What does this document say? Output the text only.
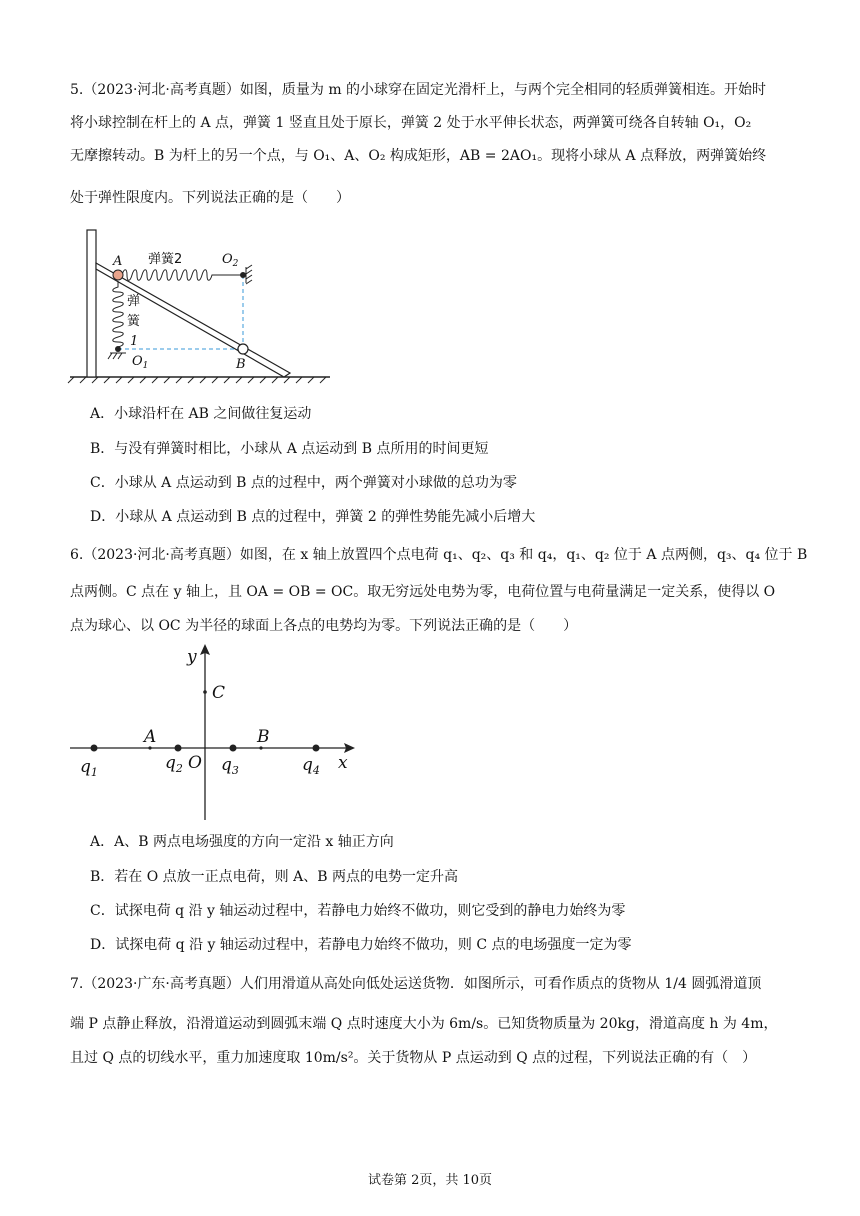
5.（2023·河北·高考真题）如图，质量为 m 的小球穿在固定光滑杆上，与两个完全相同的轻质弹簧相连。开始时
将小球控制在杆上的 A 点，弹簧 1 竖直且处于原长，弹簧 2 处于水平伸长状态，两弹簧可绕各自转轴 O₁，O₂
无摩擦转动。B 为杆上的另一个点，与 O₁、A、O₂ 构成矩形，AB = 2AO₁。现将小球从 A 点释放，两弹簧始终
处于弹性限度内。下列说法正确的是（　　）
A
B
$O_1$
$O_2$
弹簧2
弹
簧
1
A．小球沿杆在 AB 之间做往复运动
B．与没有弹簧时相比，小球从 A 点运动到 B 点所用的时间更短
C．小球从 A 点运动到 B 点的过程中，两个弹簧对小球做的总功为零
D．小球从 A 点运动到 B 点的过程中，弹簧 2 的弹性势能先减小后增大
6.（2023·河北·高考真题）如图，在 x 轴上放置四个点电荷 q₁、q₂、q₃ 和 q₄，q₁、q₂ 位于 A 点两侧，q₃、q₄ 位于 B
点两侧。C 点在 y 轴上，且 OA = OB = OC。取无穷远处电势为零，电荷位置与电荷量满足一定关系，使得以 O
点为球心、以 OC 为半径的球面上各点的电势均为零。下列说法正确的是（　　）
y
x
C
A	B
O
$q_1$	$q_2$ $q_3$	$q_4$
A．A、B 两点电场强度的方向一定沿 x 轴正方向
B．若在 O 点放一正点电荷，则 A、B 两点的电势一定升高
C．试探电荷 q 沿 y 轴运动过程中，若静电力始终不做功，则它受到的静电力始终为零
D．试探电荷 q 沿 y 轴运动过程中，若静电力始终不做功，则 C 点的电场强度一定为零
7.（2023·广东·高考真题）人们用滑道从高处向低处运送货物．如图所示，可看作质点的货物从 1/4 圆弧滑道顶
端 P 点静止释放，沿滑道运动到圆弧末端 Q 点时速度大小为 6m/s。已知货物质量为 20kg，滑道高度 h 为 4m，
且过 Q 点的切线水平，重力加速度取 10m/s²。关于货物从 P 点运动到 Q 点的过程，下列说法正确的有（　）
试卷第 2页，共 10页
